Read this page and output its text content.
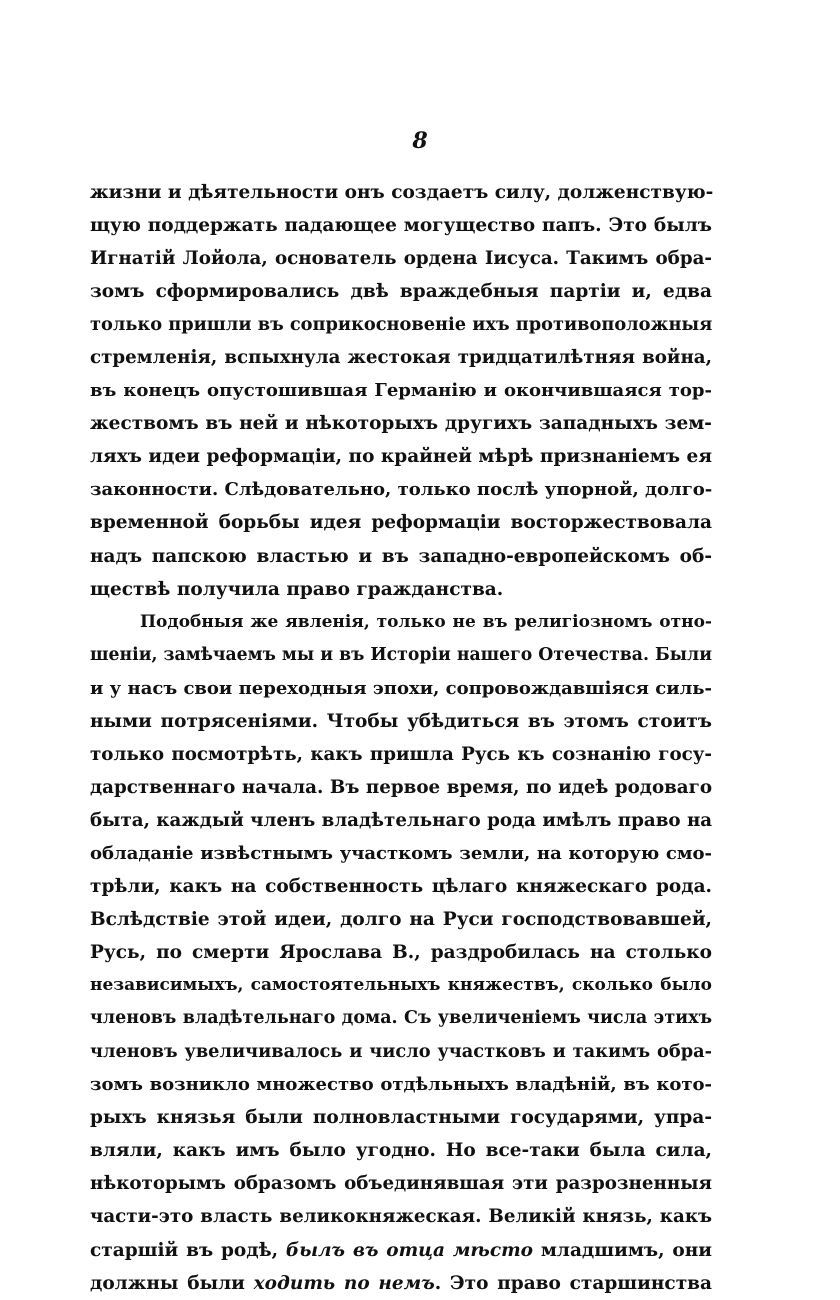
8
жизни и дѣятельности онъ создаетъ силу, долженствую-
щую поддержать падающее могущество папъ. Это былъ
Игнатій Лойола, основатель ордена Іисуса. Такимъ обра-
зомъ сформировались двѣ враждебныя партіи и, едва
только пришли въ соприкосновеніе ихъ противоположныя
стремленія, вспыхнула жестокая тридцатилѣтняя война,
въ конецъ опустошившая Германію и окончившаяся тор-
жествомъ въ ней и нѣкоторыхъ другихъ западныхъ зем-
ляхъ идеи реформаціи, по крайней мѣрѣ признаніемъ ея
законности. Слѣдовательно, только послѣ упорной, долго-
временной борьбы идея реформаціи восторжествовала
надъ папскою властью и въ западно-европейскомъ об-
ществѣ получила право гражданства.
Подобныя же явленія, только не въ религіозномъ отно-
шеніи, замѣчаемъ мы и въ Исторіи нашего Отечества. Были
и у насъ свои переходныя эпохи, сопровождавшіяся силь-
ными потрясеніями. Чтобы убѣдиться въ этомъ стоитъ
только посмотрѣть, какъ пришла Русь къ сознанію госу-
дарственнаго начала. Въ первое время, по идеѣ родоваго
быта, каждый членъ владѣтельнаго рода имѣлъ право на
обладаніе извѣстнымъ участкомъ земли, на которую смо-
трѣли, какъ на собственность цѣлаго княжескаго рода.
Вслѣдствіе этой идеи, долго на Руси господствовавшей,
Русь, по смерти Ярослава В., раздробилась на столько
независимыхъ, самостоятельныхъ княжествъ, сколько было
членовъ владѣтельнаго дома. Съ увеличеніемъ числа этихъ
членовъ увеличивалось и число участковъ и такимъ обра-
зомъ возникло множество отдѣльныхъ владѣній, въ кото-
рыхъ князья были полновластными государями, упра-
вляли, какъ имъ было угодно. Но все-таки была сила,
нѣкоторымъ образомъ объединявшая эти разрозненныя
части-это власть великокняжеская. Великій князь, какъ
старшій въ родѣ, былъ въ отца мѣсто младшимъ, они
должны были ходить по немъ. Это право старшинства
